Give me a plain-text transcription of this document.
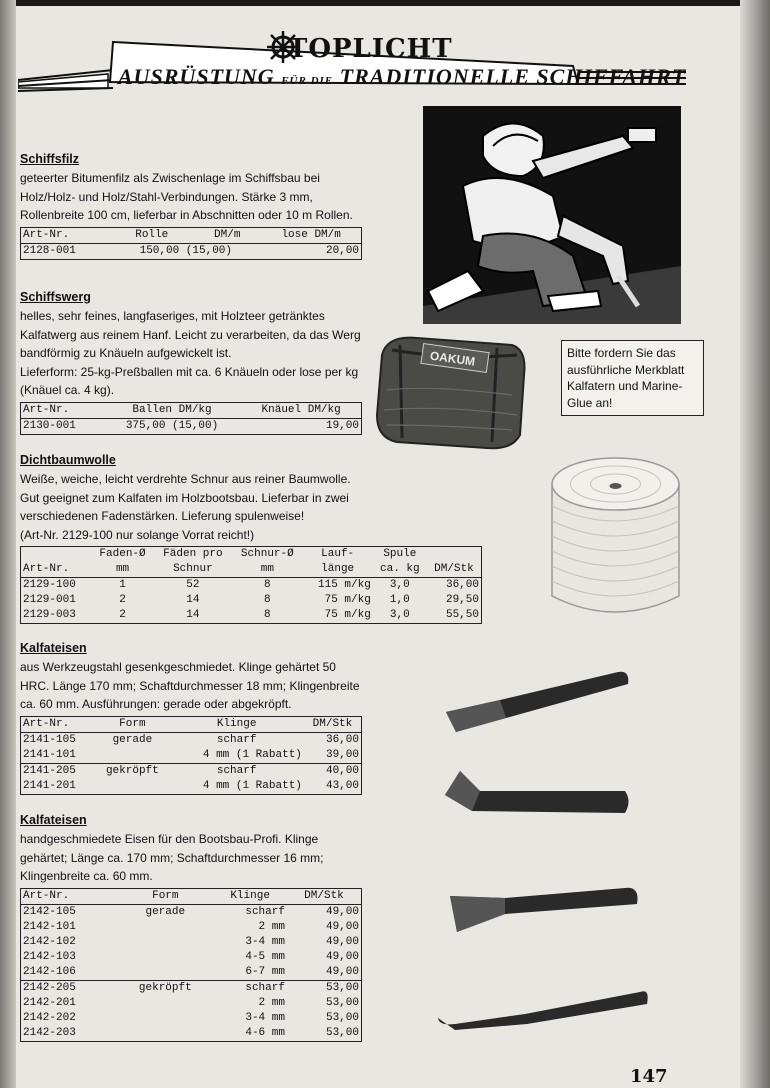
TOPLICHT
AUSRÜSTUNG FÜR DIE TRADITIONELLE SCHIFFAHRT

Schiffsfilz

geteerter Bitumenfilz als Zwischenlage im Schiffsbau bei Holz/Holz- und Holz/Stahl-Verbindungen. Stärke 3 mm, Rollenbreite 100 cm, lieferbar in Abschnitten oder 10 m Rollen.

Art-Nr.	Rolle	DM/m	lose DM/m
2128-001	150,00 (15,00)		20,00

Schiffswerg

helles, sehr feines, langfaseriges, mit Holzteer getränktes Kalfatwerg aus reinem Hanf. Leicht zu verarbeiten, da das Werg bandförmig zu Knäueln aufgewickelt ist.

Lieferform: 25-kg-Preßballen mit ca. 6 Knäueln oder lose per kg (Knäuel ca. 4 kg).

Art-Nr.	Ballen DM/kg	Knäuel DM/kg
2130-001	375,00 (15,00)	19,00

Dichtbaumwolle

Weiße, weiche, leicht verdrehte Schnur aus reiner Baumwolle. Gut geeignet zum Kalfaten im Holzbootsbau. Lieferbar in zwei verschiedenen Fadenstärken. Lieferung spulenweise!

(Art-Nr. 2129-100 nur solange Vorrat reicht!)

	Faden-Ø	Fäden pro	Schnur-Ø	Lauf-	Spule	
Art-Nr.	mm	Schnur	mm	länge	ca. kg	DM/Stk
2129-100	1	52	8	115 m/kg	3,0	36,00
2129-001	2	14	8	75 m/kg	1,0	29,50
2129-003	2	14	8	75 m/kg	3,0	55,50

Kalfateisen

aus Werkzeugstahl gesenkgeschmiedet. Klinge gehärtet 50 HRC. Länge 170 mm; Schaftdurchmesser 18 mm; Klingenbreite ca. 60 mm. Ausführungen: gerade oder abgekröpft.

Art-Nr.	Form	Klinge	DM/Stk
2141-105	gerade	scharf	36,00
2141-101		4 mm (1 Rabatt)	39,00
2141-205	gekröpft	scharf	40,00
2141-201		4 mm (1 Rabatt)	43,00

Kalfateisen

handgeschmiedete Eisen für den Bootsbau-Profi. Klinge gehärtet; Länge ca. 170 mm; Schaftdurchmesser 16 mm; Klingenbreite ca. 60 mm.

Art-Nr.	Form	Klinge	DM/Stk
2142-105	gerade	scharf	49,00
2142-101		2 mm	49,00
2142-102		3-4 mm	49,00
2142-103		4-5 mm	49,00
2142-106		6-7 mm	49,00
2142-205	gekröpft	scharf	53,00
2142-201		2 mm	53,00
2142-202		3-4 mm	53,00
2142-203		4-6 mm	53,00
OAKUM	Bitte fordern Sie das ausführliche Merkblatt Kalfatern und Marine-Glue an!
147
